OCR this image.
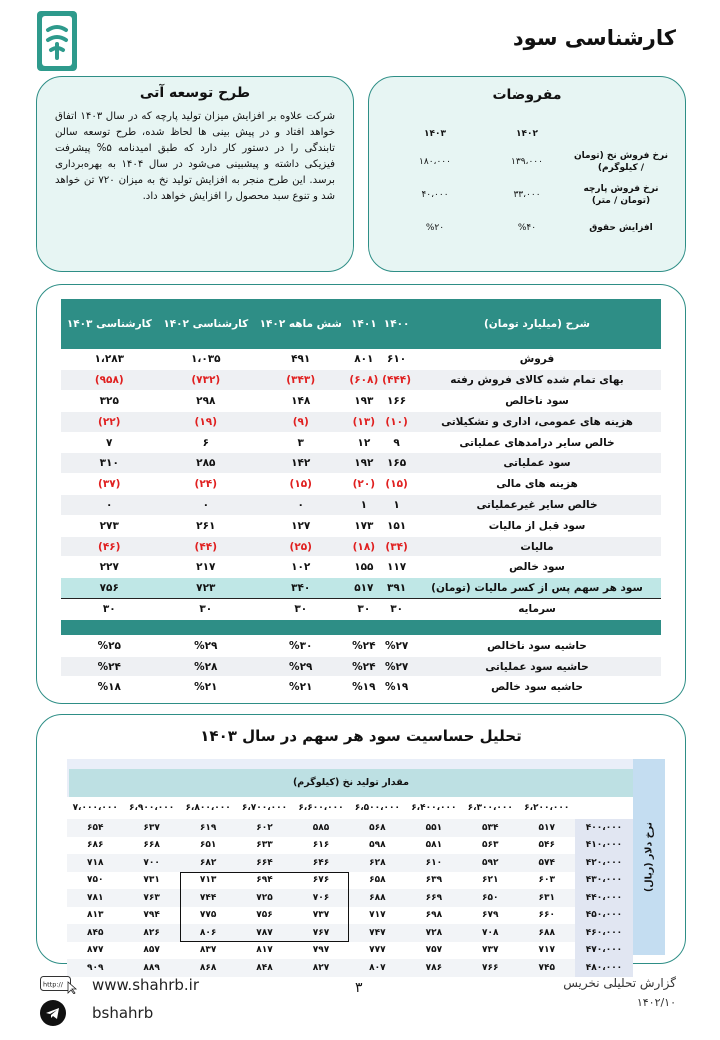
کارشناسی سود
طرح توسعه آتی
شرکت علاوه بر افزایش میزان تولید پارچه که در سال ۱۴۰۳ اتفاق خواهد افتاد و در پیش بینی ها لحاظ شده، طرح توسعه سالن تابندگی را در دستور کار دارد که طبق امیدنامه ۵% پیشرفت فیزیکی داشته و پیشبینی می‌شود در سال ۱۴۰۴ به بهره‌برداری برسد. این طرح منجر به افزایش تولید نخ به میزان ۷۲۰ تن خواهد شد و تنوع سبد محصول را افزایش خواهد داد.
مفروضات
	۱۴۰۲	۱۴۰۳
نرخ فروش نخ (تومان / کیلوگرم)	۱۳۹،۰۰۰	۱۸۰،۰۰۰
نرخ فروش پارچه (تومان / متر)	۳۳،۰۰۰	۴۰،۰۰۰
افزایش حقوق	%۴۰	%۲۰
شرح (میلیارد تومان)	۱۴۰۰	۱۴۰۱	شش ماهه ۱۴۰۲	کارشناسی ۱۴۰۲	کارشناسی ۱۴۰۳
فروش	۶۱۰	۸۰۱	۴۹۱	۱،۰۳۵	۱،۲۸۳
بهای تمام شده کالای فروش رفته	(۴۴۴)	(۶۰۸)	(۳۴۳)	(۷۳۲)	(۹۵۸)
سود ناخالص	۱۶۶	۱۹۳	۱۴۸	۲۹۸	۳۲۵
هزینه های عمومی، اداری و تشکیلاتی	(۱۰)	(۱۳)	(۹)	(۱۹)	(۲۲)
خالص سایر درامدهای عملیاتی	۹	۱۲	۳	۶	۷
سود عملیاتی	۱۶۵	۱۹۲	۱۴۲	۲۸۵	۳۱۰
هزینه های مالی	(۱۵)	(۲۰)	(۱۵)	(۲۴)	(۳۷)
خالص سایر غیرعملیاتی	۱	۱	۰	۰	۰
سود قبل از مالیات	۱۵۱	۱۷۳	۱۲۷	۲۶۱	۲۷۳
مالیات	(۳۴)	(۱۸)	(۲۵)	(۴۴)	(۴۶)
سود خالص	۱۱۷	۱۵۵	۱۰۲	۲۱۷	۲۲۷
سود هر سهم پس از کسر مالیات (تومان)	۳۹۱	۵۱۷	۳۴۰	۷۲۳	۷۵۶
سرمایه	۳۰	۳۰	۳۰	۳۰	۳۰

حاشیه سود ناخالص	%۲۷	%۲۴	%۳۰	%۲۹	%۲۵
حاشیه سود عملیاتی	%۲۷	%۲۴	%۲۹	%۲۸	%۲۴
حاشیه سود خالص	%۱۹	%۱۹	%۲۱	%۲۱	%۱۸
تحلیل حساسیت سود هر سهم در سال ۱۴۰۳
نرخ دلار (ریال)
مقدار تولید نخ (کیلوگرم)
۷،۰۰۰،۰۰۰	۶،۹۰۰،۰۰۰	۶،۸۰۰،۰۰۰	۶،۷۰۰،۰۰۰	۶،۶۰۰،۰۰۰	۶،۵۰۰،۰۰۰	۶،۴۰۰،۰۰۰	۶،۳۰۰،۰۰۰	۶،۲۰۰،۰۰۰	
۶۵۴	۶۳۷	۶۱۹	۶۰۲	۵۸۵	۵۶۸	۵۵۱	۵۳۴	۵۱۷	۴۰۰،۰۰۰
۶۸۶	۶۶۸	۶۵۱	۶۳۳	۶۱۶	۵۹۸	۵۸۱	۵۶۳	۵۴۶	۴۱۰،۰۰۰
۷۱۸	۷۰۰	۶۸۲	۶۶۴	۶۴۶	۶۲۸	۶۱۰	۵۹۲	۵۷۴	۴۲۰،۰۰۰
۷۵۰	۷۳۱	۷۱۳	۶۹۴	۶۷۶	۶۵۸	۶۳۹	۶۲۱	۶۰۳	۴۳۰،۰۰۰
۷۸۱	۷۶۳	۷۴۴	۷۲۵	۷۰۶	۶۸۸	۶۶۹	۶۵۰	۶۳۱	۴۴۰،۰۰۰
۸۱۳	۷۹۴	۷۷۵	۷۵۶	۷۳۷	۷۱۷	۶۹۸	۶۷۹	۶۶۰	۴۵۰،۰۰۰
۸۴۵	۸۲۶	۸۰۶	۷۸۷	۷۶۷	۷۴۷	۷۲۸	۷۰۸	۶۸۸	۴۶۰،۰۰۰
۸۷۷	۸۵۷	۸۳۷	۸۱۷	۷۹۷	۷۷۷	۷۵۷	۷۳۷	۷۱۷	۴۷۰،۰۰۰
۹۰۹	۸۸۹	۸۶۸	۸۴۸	۸۲۷	۸۰۷	۷۸۶	۷۶۶	۷۴۵	۴۸۰،۰۰۰
گزارش تحلیلی نخریس
۱۴۰۲/۱۰
۳
http:// www.shahrb.ir
bshahrb
